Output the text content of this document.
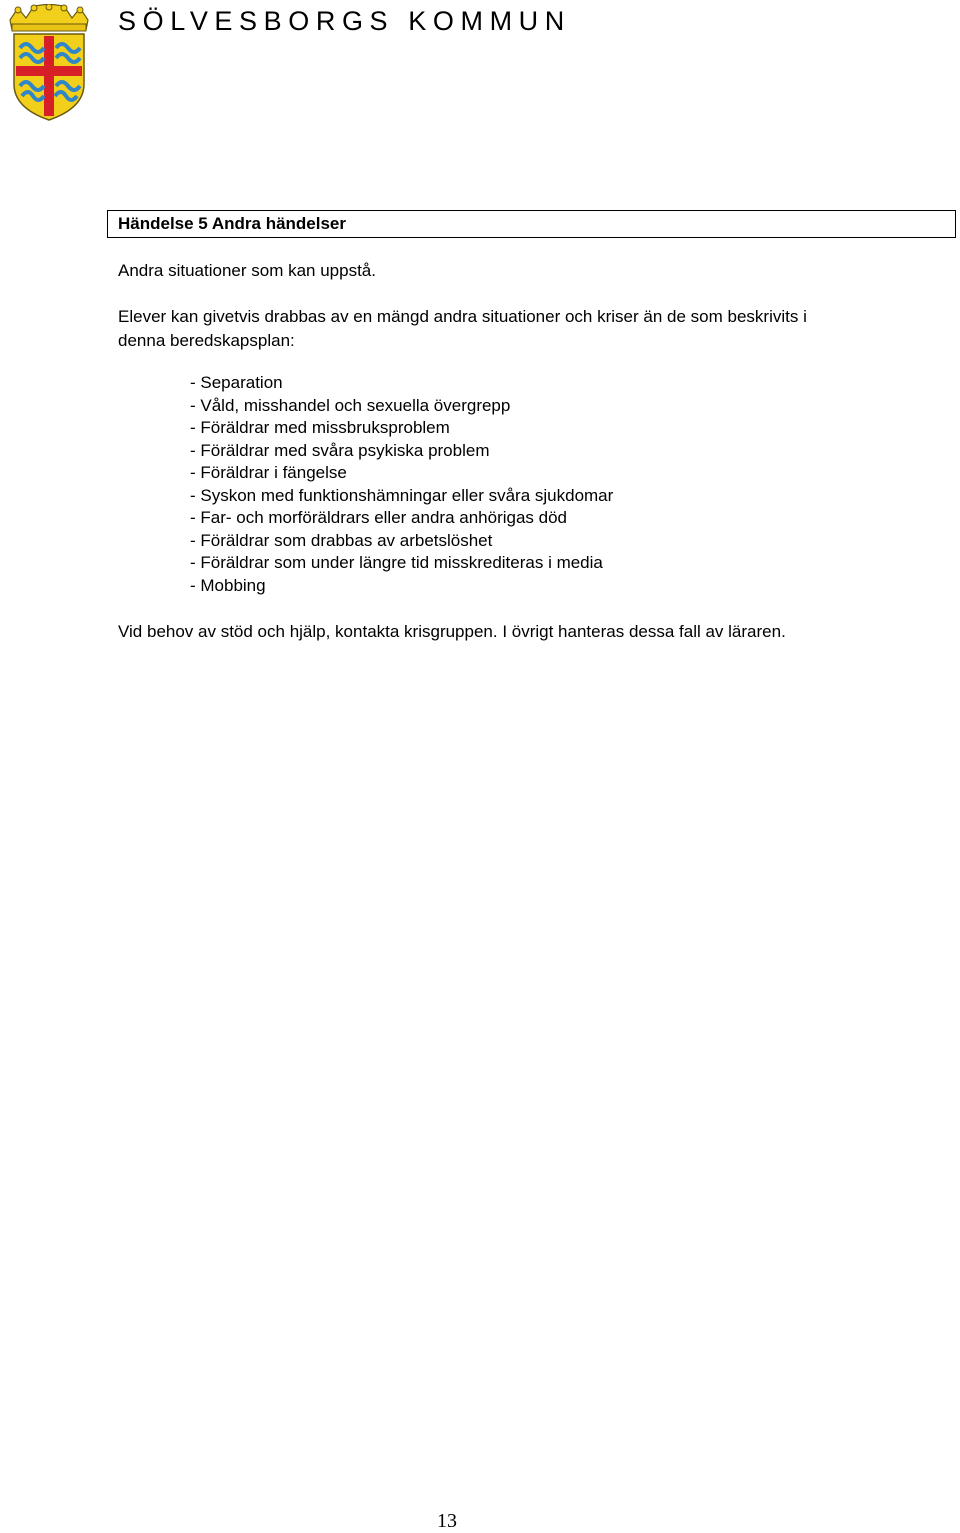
SÖLVESBORGS KOMMUN
Händelse 5 Andra händelser
Andra situationer som kan uppstå.
Elever kan givetvis drabbas av en mängd andra situationer och kriser än de som beskrivits i
denna beredskapsplan:
- Separation
- Våld, misshandel och sexuella övergrepp
- Föräldrar med missbruksproblem
- Föräldrar med svåra psykiska problem
- Föräldrar i fängelse
- Syskon med funktionshämningar eller svåra sjukdomar
- Far- och morföräldrars eller andra anhörigas död
- Föräldrar som drabbas av arbetslöshet
- Föräldrar som under längre tid misskrediteras i media
- Mobbing
Vid behov av stöd och hjälp, kontakta krisgruppen. I övrigt hanteras dessa fall av läraren.
13
